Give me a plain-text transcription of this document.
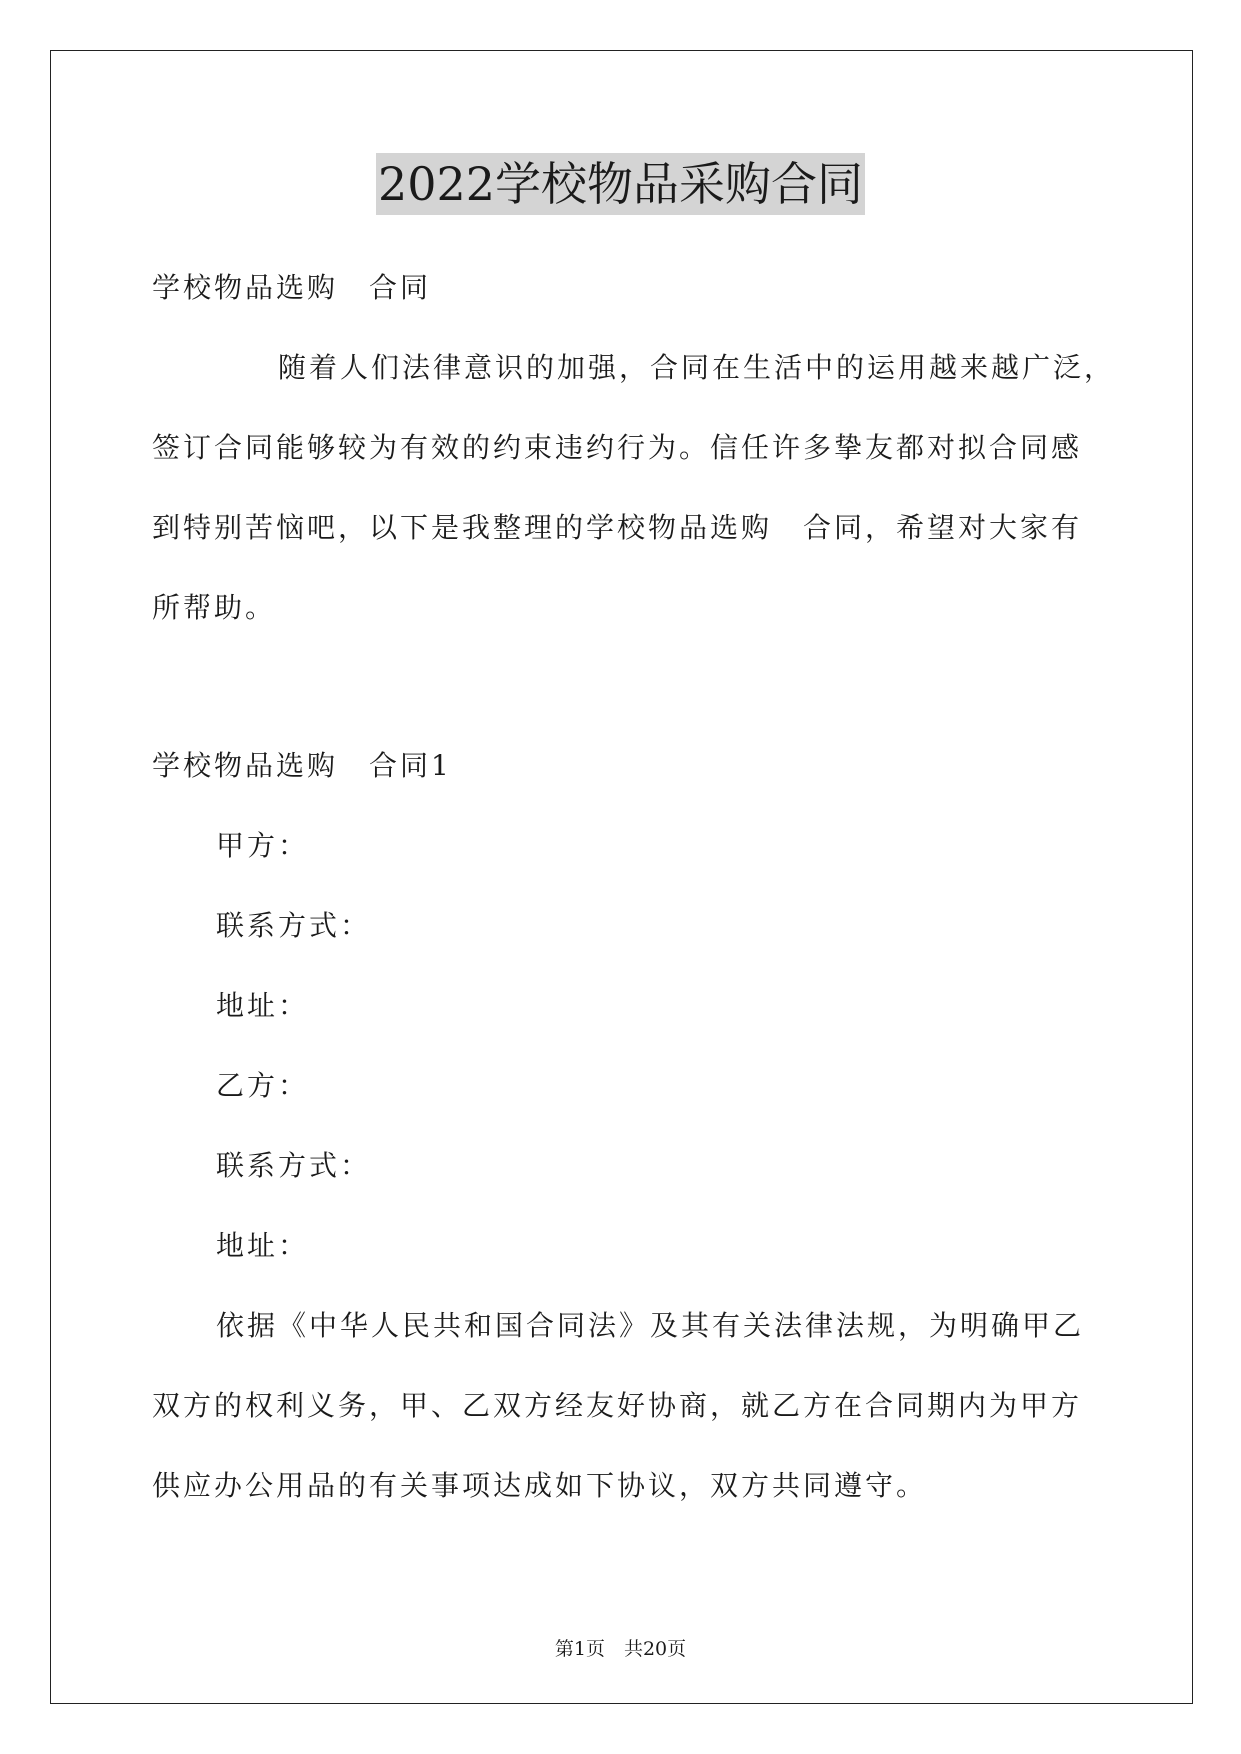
2022学校物品采购合同
学校物品选购　合同
随着人们法律意识的加强，合同在生活中的运用越来越广泛，
签订合同能够较为有效的约束违约行为。信任许多挚友都对拟合同感
到特别苦恼吧，以下是我整理的学校物品选购　合同，希望对大家有
所帮助。
学校物品选购　合同1
甲方：
联系方式：
地址：
乙方：
联系方式：
地址：
依据《中华人民共和国合同法》及其有关法律法规，为明确甲乙
双方的权利义务，甲、乙双方经友好协商，就乙方在合同期内为甲方
供应办公用品的有关事项达成如下协议，双方共同遵守。
第1页　共20页
